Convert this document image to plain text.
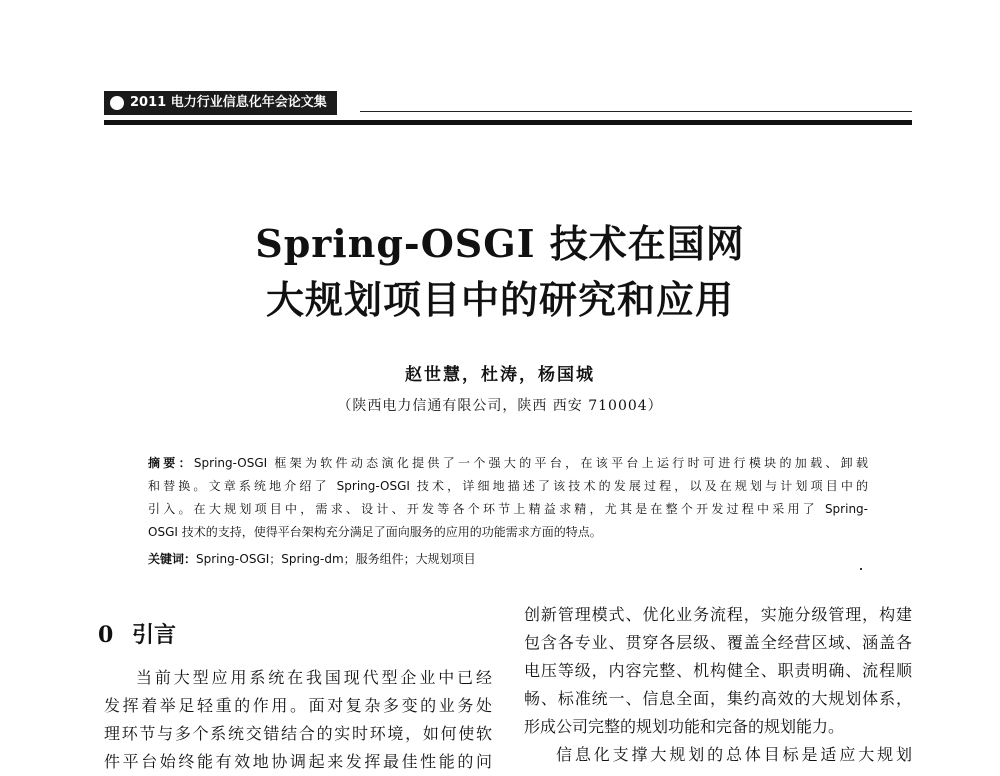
2011 电力行业信息化年会论文集
Spring-OSGI 技术在国网
大规划项目中的研究和应用
赵世慧，杜涛，杨国城
（陕西电力信通有限公司，陕西 西安 710004）
摘要：Spring-OSGI 框架为软件动态演化提供了一个强大的平台，在该平台上运行时可进行模块的加载、卸载
和替换。文章系统地介绍了 Spring-OSGI 技术，详细地描述了该技术的发展过程，以及在规划与计划项目中的
引入。在大规划项目中，需求、设计、开发等各个环节上精益求精，尤其是在整个开发过程中采用了 Spring-
OSGI 技术的支持，使得平台架构充分满足了面向服务的应用的功能需求方面的特点。
关键词：Spring-OSGI；Spring-dm；服务组件；大规划项目
0 引言
当前大型应用系统在我国现代型企业中已经
发挥着举足轻重的作用。面对复杂多变的业务处
理环节与多个系统交错结合的实时环境，如何使软
件平台始终能有效地协调起来发挥最佳性能的问
创新管理模式、优化业务流程，实施分级管理，构建
包含各专业、贯穿各层级、覆盖全经营区域、涵盖各
电压等级，内容完整、机构健全、职责明确、流程顺
畅、标准统一、信息全面，集约高效的大规划体系，
形成公司完整的规划功能和完备的规划能力。
信息化支撑大规划的总体目标是适应大规划
